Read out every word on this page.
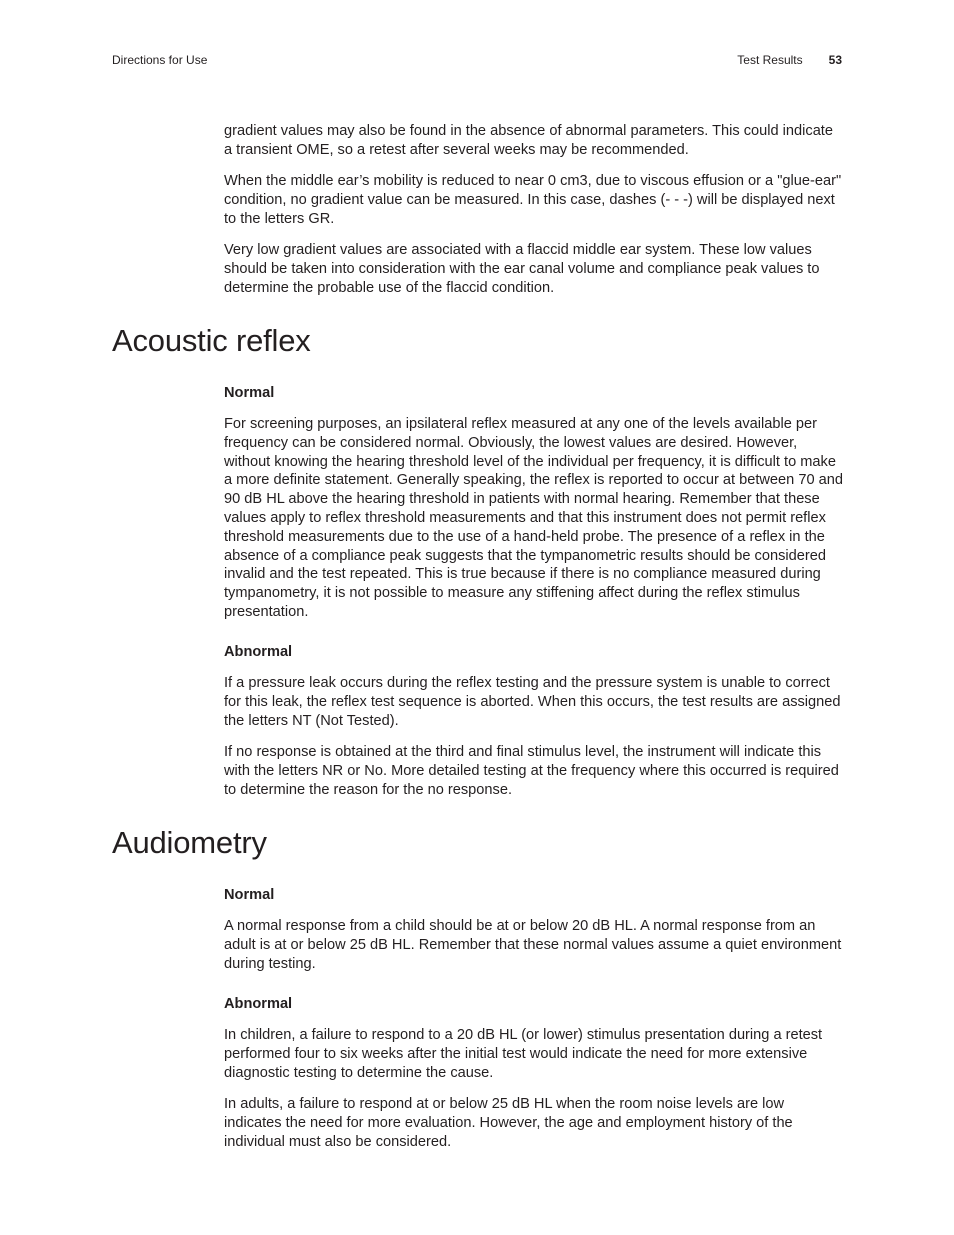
Directions for Use	Test Results 53

gradient values may also be found in the absence of abnormal parameters. This could indicate a transient OME, so a retest after several weeks may be recommended.

When the middle ear’s mobility is reduced to near 0 cm3, due to viscous effusion or a "glue-ear" condition, no gradient value can be measured. In this case, dashes (- - -) will be displayed next to the letters GR.

Very low gradient values are associated with a flaccid middle ear system. These low values should be taken into consideration with the ear canal volume and compliance peak values to determine the probable use of the flaccid condition.

Acoustic reflex
Normal

For screening purposes, an ipsilateral reflex measured at any one of the levels available per frequency can be considered normal. Obviously, the lowest values are desired. However, without knowing the hearing threshold level of the individual per frequency, it is difficult to make a more definite statement. Generally speaking, the reflex is reported to occur at between 70 and 90 dB HL above the hearing threshold in patients with normal hearing. Remember that these values apply to reflex threshold measurements and that this instrument does not permit reflex threshold measurements due to the use of a hand-held probe. The presence of a reflex in the absence of a compliance peak suggests that the tympanometric results should be considered invalid and the test repeated. This is true because if there is no compliance measured during tympanometry, it is not possible to measure any stiffening affect during the reflex stimulus presentation.

Abnormal

If a pressure leak occurs during the reflex testing and the pressure system is unable to correct for this leak, the reflex test sequence is aborted. When this occurs, the test results are assigned the letters NT (Not Tested).

If no response is obtained at the third and final stimulus level, the instrument will indicate this with the letters NR or No. More detailed testing at the frequency where this occurred is required to determine the reason for the no response.

Audiometry
Normal

A normal response from a child should be at or below 20 dB HL. A normal response from an adult is at or below 25 dB HL. Remember that these normal values assume a quiet environment during testing.

Abnormal

In children, a failure to respond to a 20 dB HL (or lower) stimulus presentation during a retest performed four to six weeks after the initial test would indicate the need for more extensive diagnostic testing to determine the cause.

In adults, a failure to respond at or below 25 dB HL when the room noise levels are low indicates the need for more evaluation. However, the age and employment history of the individual must also be considered.
